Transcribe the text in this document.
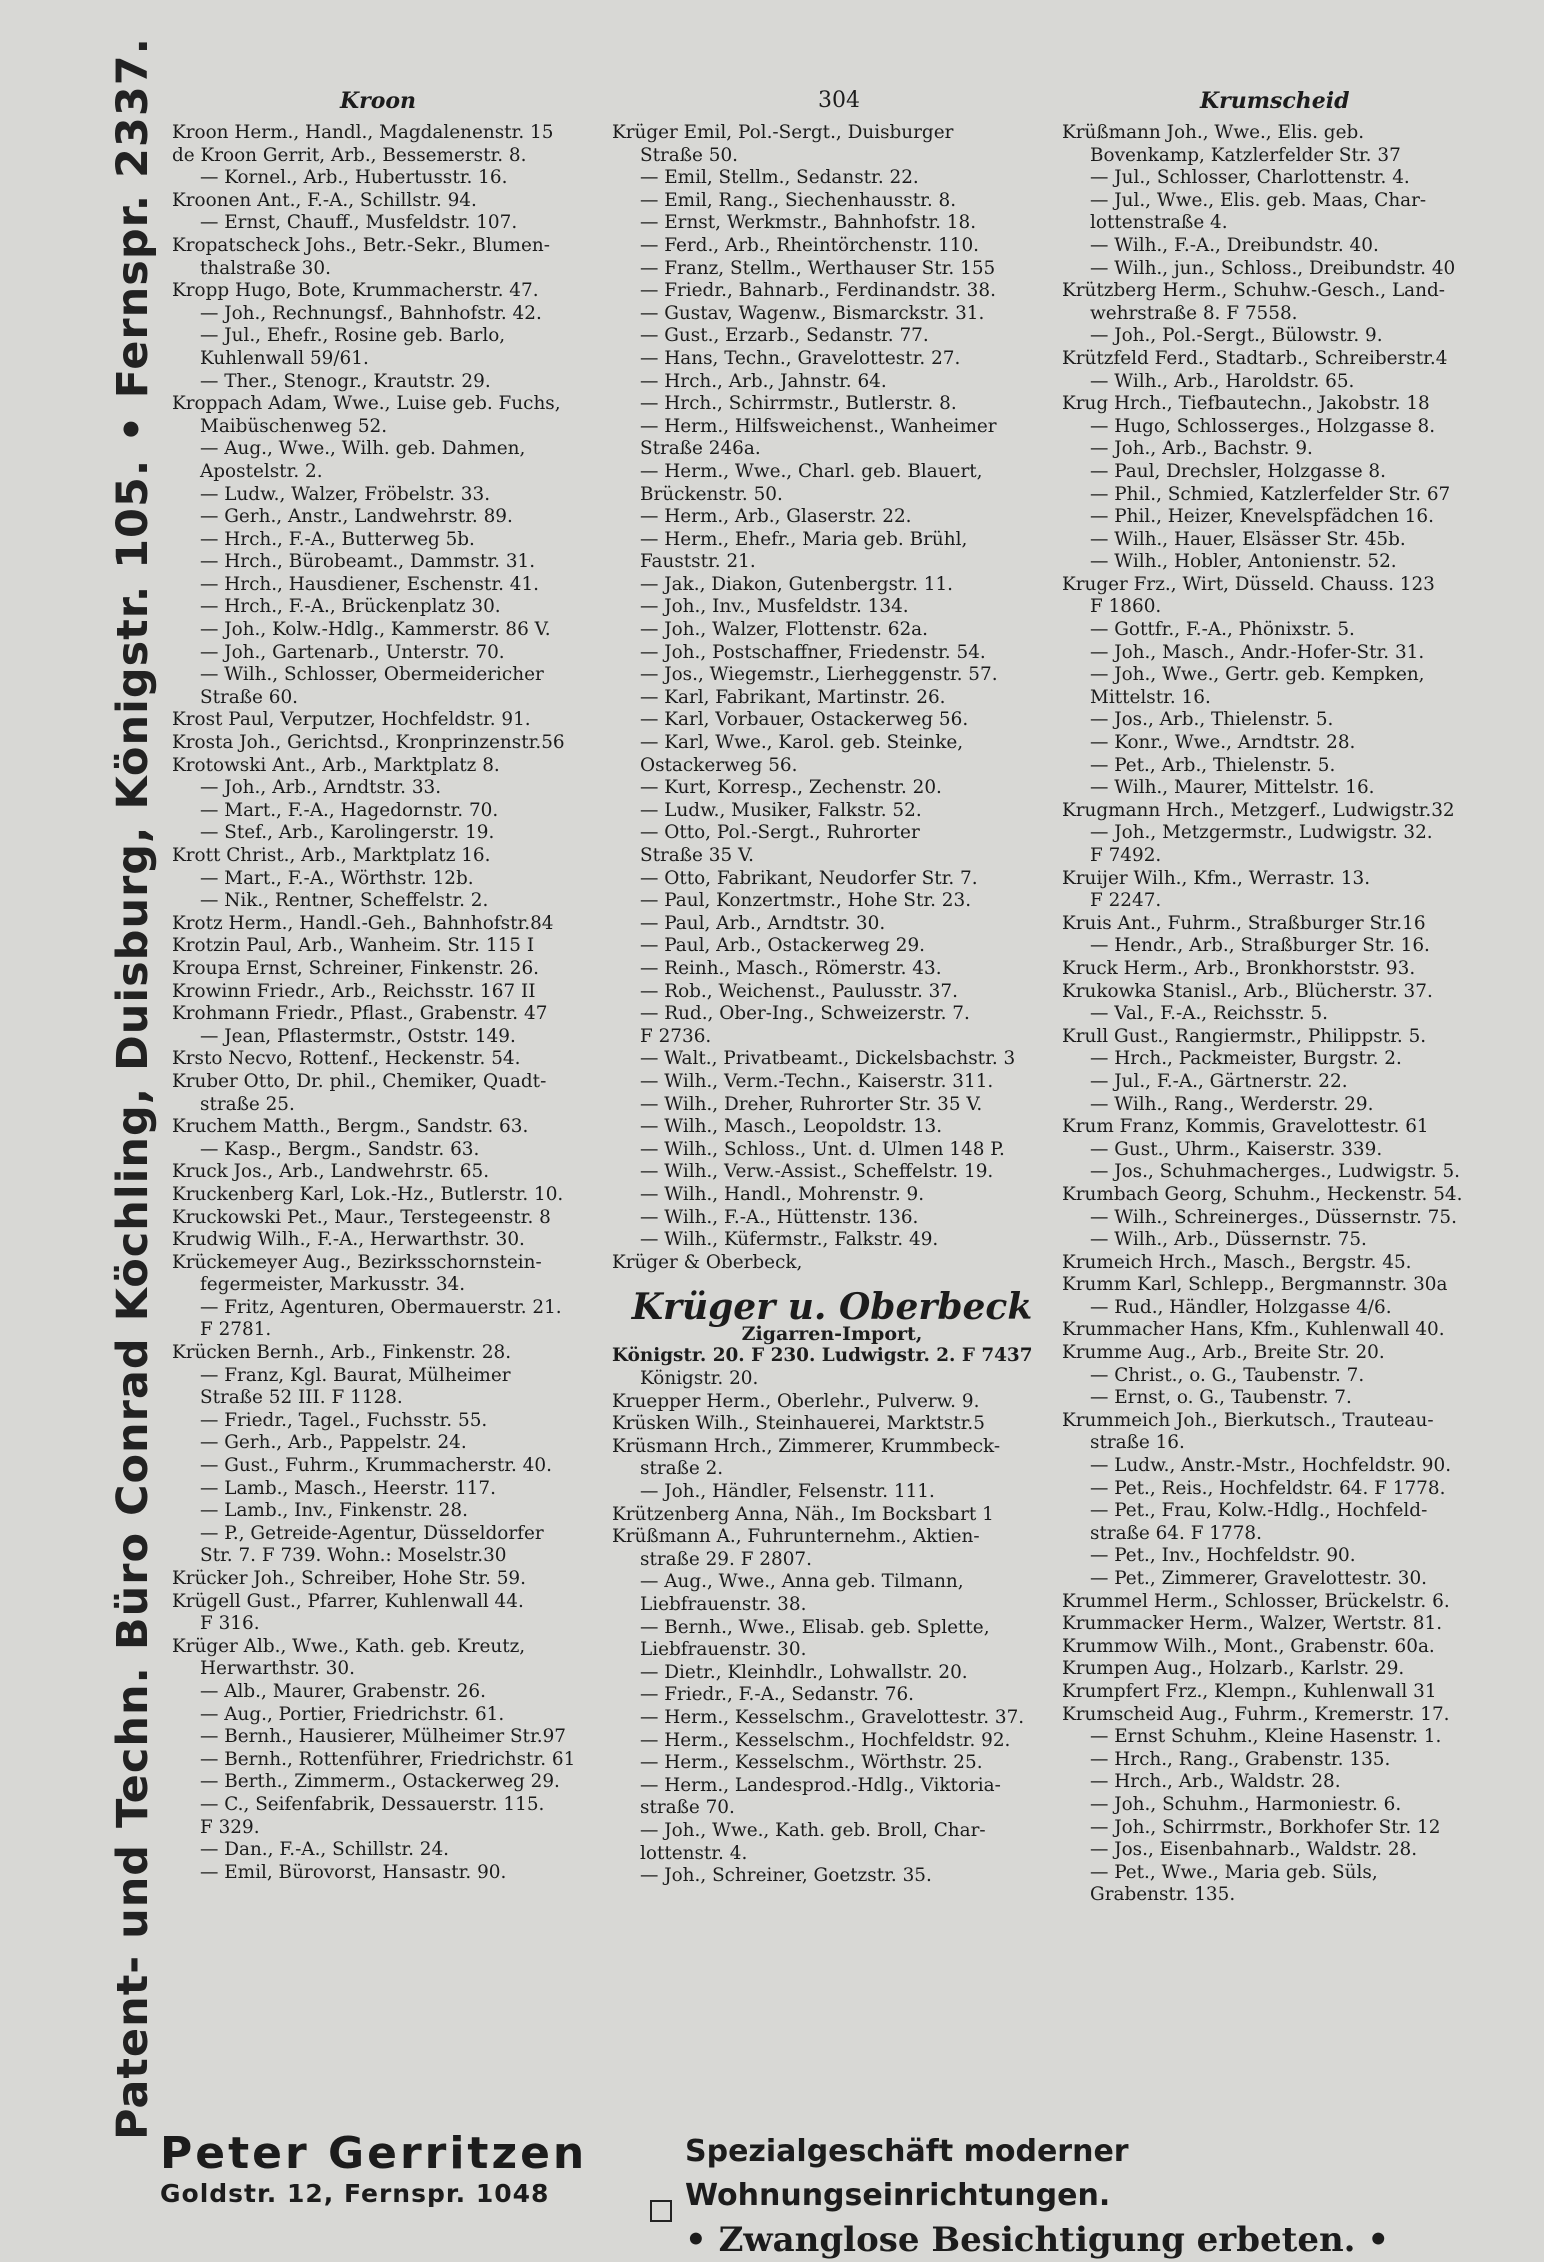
Patent- und Techn. Büro Conrad Köchling, Duisburg, Königstr. 105. • Fernspr. 2337.	Kroon	304	Krumscheid
Kroon Herm., Handl., Magdalenenstr. 15
de Kroon Gerrit, Arb., Bessemerstr. 8.
— Kornel., Arb., Hubertusstr. 16.
Kroonen Ant., F.-A., Schillstr. 94.
— Ernst, Chauff., Musfeldstr. 107.
Kropatscheck Johs., Betr.-Sekr., Blumen-
thalstraße 30.
Kropp Hugo, Bote, Krummacherstr. 47.
— Joh., Rechnungsf., Bahnhofstr. 42.
— Jul., Ehefr., Rosine geb. Barlo,
Kuhlenwall 59/61.
— Ther., Stenogr., Krautstr. 29.
Kroppach Adam, Wwe., Luise geb. Fuchs,
Maibüschenweg 52.
— Aug., Wwe., Wilh. geb. Dahmen,
Apostelstr. 2.
— Ludw., Walzer, Fröbelstr. 33.
— Gerh., Anstr., Landwehrstr. 89.
— Hrch., F.-A., Butterweg 5b.
— Hrch., Bürobeamt., Dammstr. 31.
— Hrch., Hausdiener, Eschenstr. 41.
— Hrch., F.-A., Brückenplatz 30.
— Joh., Kolw.-Hdlg., Kammerstr. 86 V.
— Joh., Gartenarb., Unterstr. 70.
— Wilh., Schlosser, Obermeidericher
Straße 60.
Krost Paul, Verputzer, Hochfeldstr. 91.
Krosta Joh., Gerichtsd., Kronprinzenstr.56
Krotowski Ant., Arb., Marktplatz 8.
— Joh., Arb., Arndtstr. 33.
— Mart., F.-A., Hagedornstr. 70.
— Stef., Arb., Karolingerstr. 19.
Krott Christ., Arb., Marktplatz 16.
— Mart., F.-A., Wörthstr. 12b.
— Nik., Rentner, Scheffelstr. 2.
Krotz Herm., Handl.-Geh., Bahnhofstr.84
Krotzin Paul, Arb., Wanheim. Str. 115 I
Kroupa Ernst, Schreiner, Finkenstr. 26.
Krowinn Friedr., Arb., Reichsstr. 167 II
Krohmann Friedr., Pflast., Grabenstr. 47
— Jean, Pflastermstr., Oststr. 149.
Krsto Necvo, Rottenf., Heckenstr. 54.
Kruber Otto, Dr. phil., Chemiker, Quadt-
straße 25.
Kruchem Matth., Bergm., Sandstr. 63.
— Kasp., Bergm., Sandstr. 63.
Kruck Jos., Arb., Landwehrstr. 65.
Kruckenberg Karl, Lok.-Hz., Butlerstr. 10.
Kruckowski Pet., Maur., Terstegeenstr. 8
Krudwig Wilh., F.-A., Herwarthstr. 30.
Krückemeyer Aug., Bezirksschornstein-
fegermeister, Markusstr. 34.
— Fritz, Agenturen, Obermauerstr. 21.
F 2781.
Krücken Bernh., Arb., Finkenstr. 28.
— Franz, Kgl. Baurat, Mülheimer
Straße 52 III. F 1128.
— Friedr., Tagel., Fuchsstr. 55.
— Gerh., Arb., Pappelstr. 24.
— Gust., Fuhrm., Krummacherstr. 40.
— Lamb., Masch., Heerstr. 117.
— Lamb., Inv., Finkenstr. 28.
— P., Getreide-Agentur, Düsseldorfer
Str. 7. F 739. Wohn.: Moselstr.30
Krücker Joh., Schreiber, Hohe Str. 59.
Krügell Gust., Pfarrer, Kuhlenwall 44.
F 316.
Krüger Alb., Wwe., Kath. geb. Kreutz,
Herwarthstr. 30.
— Alb., Maurer, Grabenstr. 26.
— Aug., Portier, Friedrichstr. 61.
— Bernh., Hausierer, Mülheimer Str.97
— Bernh., Rottenführer, Friedrichstr. 61
— Berth., Zimmerm., Ostackerweg 29.
— C., Seifenfabrik, Dessauerstr. 115.
F 329.
— Dan., F.-A., Schillstr. 24.
— Emil, Bürovorst, Hansastr. 90.
Krüger Emil, Pol.-Sergt., Duisburger
Straße 50.
— Emil, Stellm., Sedanstr. 22.
— Emil, Rang., Siechenhausstr. 8.
— Ernst, Werkmstr., Bahnhofstr. 18.
— Ferd., Arb., Rheintörchenstr. 110.
— Franz, Stellm., Werthauser Str. 155
— Friedr., Bahnarb., Ferdinandstr. 38.
— Gustav, Wagenw., Bismarckstr. 31.
— Gust., Erzarb., Sedanstr. 77.
— Hans, Techn., Gravelottestr. 27.
— Hrch., Arb., Jahnstr. 64.
— Hrch., Schirrmstr., Butlerstr. 8.
— Herm., Hilfsweichenst., Wanheimer
Straße 246a.
— Herm., Wwe., Charl. geb. Blauert,
Brückenstr. 50.
— Herm., Arb., Glaserstr. 22.
— Herm., Ehefr., Maria geb. Brühl,
Fauststr. 21.
— Jak., Diakon, Gutenbergstr. 11.
— Joh., Inv., Musfeldstr. 134.
— Joh., Walzer, Flottenstr. 62a.
— Joh., Postschaffner, Friedenstr. 54.
— Jos., Wiegemstr., Lierheggenstr. 57.
— Karl, Fabrikant, Martinstr. 26.
— Karl, Vorbauer, Ostackerweg 56.
— Karl, Wwe., Karol. geb. Steinke,
Ostackerweg 56.
— Kurt, Korresp., Zechenstr. 20.
— Ludw., Musiker, Falkstr. 52.
— Otto, Pol.-Sergt., Ruhrorter
Straße 35 V.
— Otto, Fabrikant, Neudorfer Str. 7.
— Paul, Konzertmstr., Hohe Str. 23.
— Paul, Arb., Arndtstr. 30.
— Paul, Arb., Ostackerweg 29.
— Reinh., Masch., Römerstr. 43.
— Rob., Weichenst., Paulusstr. 37.
— Rud., Ober-Ing., Schweizerstr. 7.
F 2736.
— Walt., Privatbeamt., Dickelsbachstr. 3
— Wilh., Verm.-Techn., Kaiserstr. 311.
— Wilh., Dreher, Ruhrorter Str. 35 V.
— Wilh., Masch., Leopoldstr. 13.
— Wilh., Schloss., Unt. d. Ulmen 148 P.
— Wilh., Verw.-Assist., Scheffelstr. 19.
— Wilh., Handl., Mohrenstr. 9.
— Wilh., F.-A., Hüttenstr. 136.
— Wilh., Küfermstr., Falkstr. 49.
Krüger & Oberbeck,
Krüger u. Oberbeck
Zigarren-Import,
Königstr. 20. F 230. Ludwigstr. 2. F 7437
Königstr. 20.
Kruepper Herm., Oberlehr., Pulverw. 9.
Krüsken Wilh., Steinhauerei, Marktstr.5
Krüsmann Hrch., Zimmerer, Krummbeck-
straße 2.
— Joh., Händler, Felsenstr. 111.
Krützenberg Anna, Näh., Im Bocksbart 1
Krüßmann A., Fuhrunternehm., Aktien-
straße 29. F 2807.
— Aug., Wwe., Anna geb. Tilmann,
Liebfrauenstr. 38.
— Bernh., Wwe., Elisab. geb. Splette,
Liebfrauenstr. 30.
— Dietr., Kleinhdlr., Lohwallstr. 20.
— Friedr., F.-A., Sedanstr. 76.
— Herm., Kesselschm., Gravelottestr. 37.
— Herm., Kesselschm., Hochfeldstr. 92.
— Herm., Kesselschm., Wörthstr. 25.
— Herm., Landesprod.-Hdlg., Viktoria-
straße 70.
— Joh., Wwe., Kath. geb. Broll, Char-
lottenstr. 4.
— Joh., Schreiner, Goetzstr. 35.
Krüßmann Joh., Wwe., Elis. geb.
Bovenkamp, Katzlerfelder Str. 37
— Jul., Schlosser, Charlottenstr. 4.
— Jul., Wwe., Elis. geb. Maas, Char-
lottenstraße 4.
— Wilh., F.-A., Dreibundstr. 40.
— Wilh., jun., Schloss., Dreibundstr. 40
Krützberg Herm., Schuhw.-Gesch., Land-
wehrstraße 8. F 7558.
— Joh., Pol.-Sergt., Bülowstr. 9.
Krützfeld Ferd., Stadtarb., Schreiberstr.4
— Wilh., Arb., Haroldstr. 65.
Krug Hrch., Tiefbautechn., Jakobstr. 18
— Hugo, Schlosserges., Holzgasse 8.
— Joh., Arb., Bachstr. 9.
— Paul, Drechsler, Holzgasse 8.
— Phil., Schmied, Katzlerfelder Str. 67
— Phil., Heizer, Knevelspfädchen 16.
— Wilh., Hauer, Elsässer Str. 45b.
— Wilh., Hobler, Antonienstr. 52.
Kruger Frz., Wirt, Düsseld. Chauss. 123
F 1860.
— Gottfr., F.-A., Phönixstr. 5.
— Joh., Masch., Andr.-Hofer-Str. 31.
— Joh., Wwe., Gertr. geb. Kempken,
Mittelstr. 16.
— Jos., Arb., Thielenstr. 5.
— Konr., Wwe., Arndtstr. 28.
— Pet., Arb., Thielenstr. 5.
— Wilh., Maurer, Mittelstr. 16.
Krugmann Hrch., Metzgerf., Ludwigstr.32
— Joh., Metzgermstr., Ludwigstr. 32.
F 7492.
Kruijer Wilh., Kfm., Werrastr. 13.
F 2247.
Kruis Ant., Fuhrm., Straßburger Str.16
— Hendr., Arb., Straßburger Str. 16.
Kruck Herm., Arb., Bronkhorststr. 93.
Krukowka Stanisl., Arb., Blücherstr. 37.
— Val., F.-A., Reichsstr. 5.
Krull Gust., Rangiermstr., Philippstr. 5.
— Hrch., Packmeister, Burgstr. 2.
— Jul., F.-A., Gärtnerstr. 22.
— Wilh., Rang., Werderstr. 29.
Krum Franz, Kommis, Gravelottestr. 61
— Gust., Uhrm., Kaiserstr. 339.
— Jos., Schuhmacherges., Ludwigstr. 5.
Krumbach Georg, Schuhm., Heckenstr. 54.
— Wilh., Schreinerges., Düssernstr. 75.
— Wilh., Arb., Düssernstr. 75.
Krumeich Hrch., Masch., Bergstr. 45.
Krumm Karl, Schlepp., Bergmannstr. 30a
— Rud., Händler, Holzgasse 4/6.
Krummacher Hans, Kfm., Kuhlenwall 40.
Krumme Aug., Arb., Breite Str. 20.
— Christ., o. G., Taubenstr. 7.
— Ernst, o. G., Taubenstr. 7.
Krummeich Joh., Bierkutsch., Trauteau-
straße 16.
— Ludw., Anstr.-Mstr., Hochfeldstr. 90.
— Pet., Reis., Hochfeldstr. 64. F 1778.
— Pet., Frau, Kolw.-Hdlg., Hochfeld-
straße 64. F 1778.
— Pet., Inv., Hochfeldstr. 90.
— Pet., Zimmerer, Gravelottestr. 30.
Krummel Herm., Schlosser, Brückelstr. 6.
Krummacker Herm., Walzer, Wertstr. 81.
Krummow Wilh., Mont., Grabenstr. 60a.
Krumpen Aug., Holzarb., Karlstr. 29.
Krumpfert Frz., Klempn., Kuhlenwall 31
Krumscheid Aug., Fuhrm., Kremerstr. 17.
— Ernst Schuhm., Kleine Hasenstr. 1.
— Hrch., Rang., Grabenstr. 135.
— Hrch., Arb., Waldstr. 28.
— Joh., Schuhm., Harmoniestr. 6.
— Joh., Schirrmstr., Borkhofer Str. 12
— Jos., Eisenbahnarb., Waldstr. 28.
— Pet., Wwe., Maria geb. Süls,
Grabenstr. 135.
Peter Gerritzen
Goldstr. 12, Fernspr. 1048
Spezialgeschäft moderner Wohnungseinrichtungen.
• Zwanglose Besichtigung erbeten. •
